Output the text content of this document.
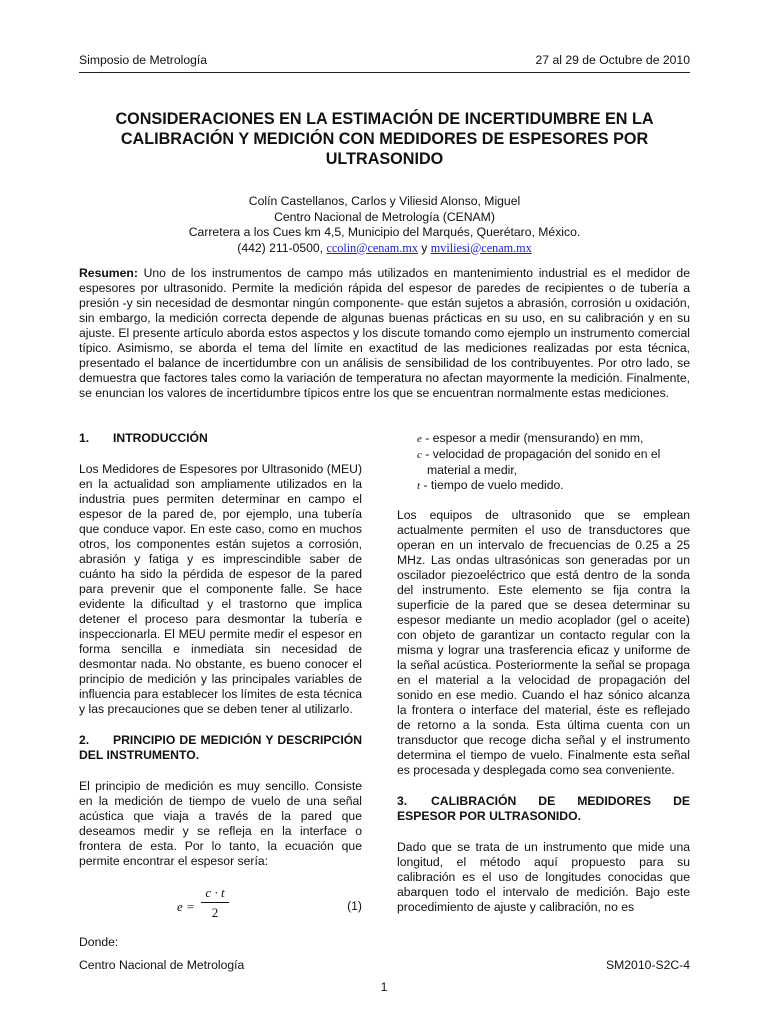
Simposio de Metrología	27 al 29 de Octubre de 2010
CONSIDERACIONES EN LA ESTIMACIÓN DE INCERTIDUMBRE EN LA CALIBRACIÓN Y MEDICIÓN CON MEDIDORES DE ESPESORES POR ULTRASONIDO
Colín Castellanos, Carlos y Viliesid Alonso, Miguel
Centro Nacional de Metrología (CENAM)
Carretera a los Cues km 4,5, Municipio del Marqués, Querétaro, México.
(442) 211-0500, ccolin@cenam.mx y mviliesi@cenam.mx
Resumen: Uno de los instrumentos de campo más utilizados en mantenimiento industrial es el medidor de espesores por ultrasonido. Permite la medición rápida del espesor de paredes de recipientes o de tubería a presión -y sin necesidad de desmontar ningún componente- que están sujetos a abrasión, corrosión u oxidación, sin embargo, la medición correcta depende de algunas buenas prácticas en su uso, en su calibración y en su ajuste. El presente artículo aborda estos aspectos y los discute tomando como ejemplo un instrumento comercial típico. Asimismo, se aborda el tema del límite en exactitud de las mediciones realizadas por esta técnica, presentado el balance de incertidumbre con un análisis de sensibilidad de los contribuyentes. Por otro lado, se demuestra que factores tales como la variación de temperatura no afectan mayormente la medición. Finalmente, se enuncian los valores de incertidumbre típicos entre los que se encuentran normalmente estas mediciones.
1. INTRODUCCIÓN

Los Medidores de Espesores por Ultrasonido (MEU) en la actualidad son ampliamente utilizados en la industria pues permiten determinar en campo el espesor de la pared de, por ejemplo, una tubería que conduce vapor. En este caso, como en muchos otros, los componentes están sujetos a corrosión, abrasión y fatiga y es imprescindible saber de cuánto ha sido la pérdida de espesor de la pared para prevenir que el componente falle. Se hace evidente la dificultad y el trastorno que implica detener el proceso para desmontar la tubería e inspeccionarla. El MEU permite medir el espesor en forma sencilla e inmediata sin necesidad de desmontar nada. No obstante, es bueno conocer el principio de medición y las principales variables de influencia para establecer los límites de esta técnica y las precauciones que se deben tener al utilizarlo.

2. PRINCIPIO DE MEDICIÓN Y DESCRIPCIÓN
DEL INSTRUMENTO.

El principio de medición es muy sencillo. Consiste en la medición de tiempo de vuelo de una señal acústica que viaja a través de la pared que deseamos medir y se refleja en la interface o frontera de esta. Por lo tanto, la ecuación que permite encontrar el espesor sería:

e =
c · t
2	(1)
Donde:
e - espesor a medir (mensurando) en mm,
c - velocidad de propagación del sonido en el material a medir,
t - tiempo de vuelo medido.

Los equipos de ultrasonido que se emplean actualmente permiten el uso de transductores que operan en un intervalo de frecuencias de 0.25 a 25 MHz. Las ondas ultrasónicas son generadas por un oscilador piezoeléctrico que está dentro de la sonda del instrumento. Este elemento se fija contra la superficie de la pared que se desea determinar su espesor mediante un medio acoplador (gel o aceite) con objeto de garantizar un contacto regular con la misma y lograr una trasferencia eficaz y uniforme de la señal acústica. Posteriormente la señal se propaga en el material a la velocidad de propagación del sonido en ese medio. Cuando el haz sónico alcanza la frontera o interface del material, éste es reflejado de retorno a la sonda. Esta última cuenta con un transductor que recoge dicha señal y el instrumento determina el tiempo de vuelo. Finalmente esta señal es procesada y desplegada como sea conveniente.

3. CALIBRACIÓN DE MEDIDORES DE
ESPESOR POR ULTRASONIDO.

Dado que se trata de un instrumento que mide una longitud, el método aquí propuesto para su calibración es el uso de longitudes conocidas que abarquen todo el intervalo de medición. Bajo este procedimiento de ajuste y calibración, no es

Centro Nacional de Metrología	SM2010-S2C-4
1
